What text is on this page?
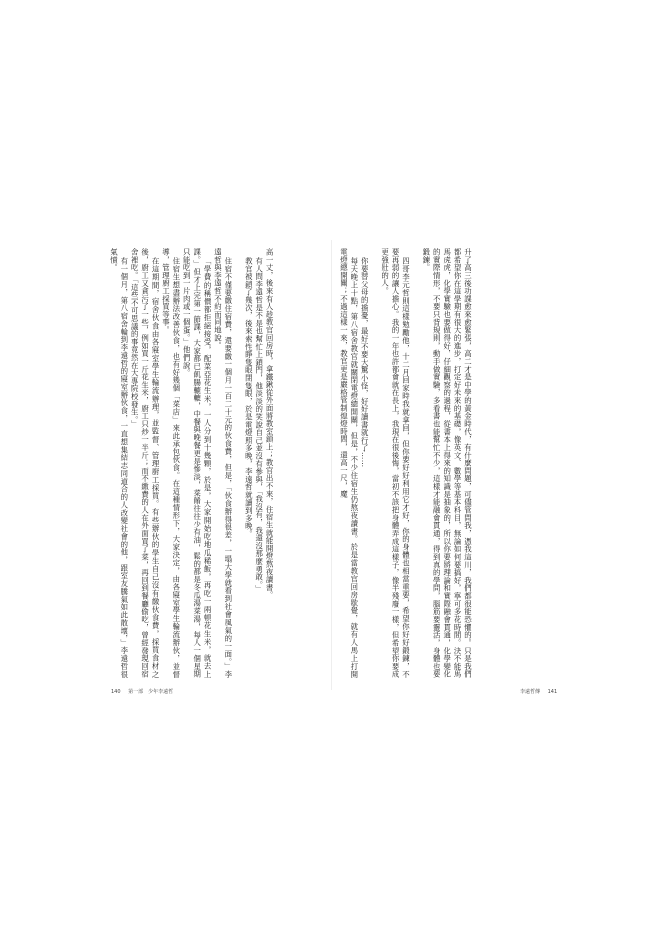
高一丈，後來有人趁教官回房時，拿鐵鍬從外面將教室鎖上；教官出不來，住宿生就能開燈熬夜讀書。

有人問李遠哲是不是也幫忙上鎖門，他淡淡的笑說自己並沒有參與，「我沒有，我還沒那麼勇敢。」

教官被鎖了幾次，後來索性睜隻眼閉隻眼，於是電燈照多晚，李遠哲就讀到多晚。

住宿不僅要繳住宿費，還要繳一個月一百二十元的伙食費，但是，「伙食辦得很差，一塌大學就看到社會風氣的一面。」李遠哲與李遠哲不約而同地說。

「學費的稱價都拒絕接受，配菜亞花生米，一人分到十幾顆，於是，大家開始吃地瓜稀飯，再吃一兩頓花生米，就去上課。」但才上完第一節課，大家都已飢腸轆轆，中餐與晚餐更是慘淡，菜餚往往少有油，鬆的都是冬瓜湯菜湯，每人一個星期只能吃到一片肉或一個蛋。」他們說。

住宿生想盡辦法改善伙食，也有好幾個「菜店」來此承包伙食。在這種情形下，大家決定，由各寢室學生輪流辦伙，並督導，管理廚工採買等事。

在這期間，宿舍伙食由各寢室學生輪流辦理，並監督、管理廚工採買。有些辦伙的學生自己沒有繳伙食費，採買食材之後，廚工又貪污了一些，例如買一斤花生米，廚工只炒一半斤；而不繳費的人在外面買了菜，再回到餐廳偷吃，曾經發現回宿舍裡吃。「這些不可思議的事竟然在大專院校發生。」

有一個月，第八宿舍輪到李遠哲的寢室辦伙食，一直想集結志同道合的人改變社會的他，跟室友騰氣如此散壞，」李遠哲很氣憤。	升了高三後功課愈來愈緊張，高二才是中學的黃金時代，有什麼問題，可儘管問我，憑我這川，我們都很能恐懼的。只是我們都希望你在這學期有很大的進步，打定好未來的基礎，像英文、數學等基本科目，無論如何要搞好，寧可多花時間。決不能馬馬虎虎，化學實驗也要做得好，仔細觀察的過程，從書本上得來的知識是抽象的，所以你要將理論和實際融會貫通，化學變化的實際情形，不要只背規則，動手做實驗，多看書也能幫忙不少，這樣才能融會貫通，得到真的學問，腦筋要靈活，身體也要鍛鍊。

四哥李元哲則這樣勉勵他，十二月回家時我就拿回，但你要好好利用它才好，你的身體也相當重要，希望你好好鍛鍊，不要再弱的讓人擔心。我的一年也許都會就在長上，我現在很後悔，當初不該把身體弄成這樣子，像半殘廢一樣，但希望你要成更強壯的人。

你要替父母的擔憂，最好不要大驚小怪，好好讀書就行了……

每天晚上十點，第八宿舍教官就關閉電燈總開關，但是，不少住宿生仍熬夜讀書。於是當教官回房歇覺，就有人馬上打開電燈總開關；不過這樣一來，教官更是嚴格管制熄燈時間，還高一尺，魔

140 第一部　少年李遠哲	李遠哲傳 141
